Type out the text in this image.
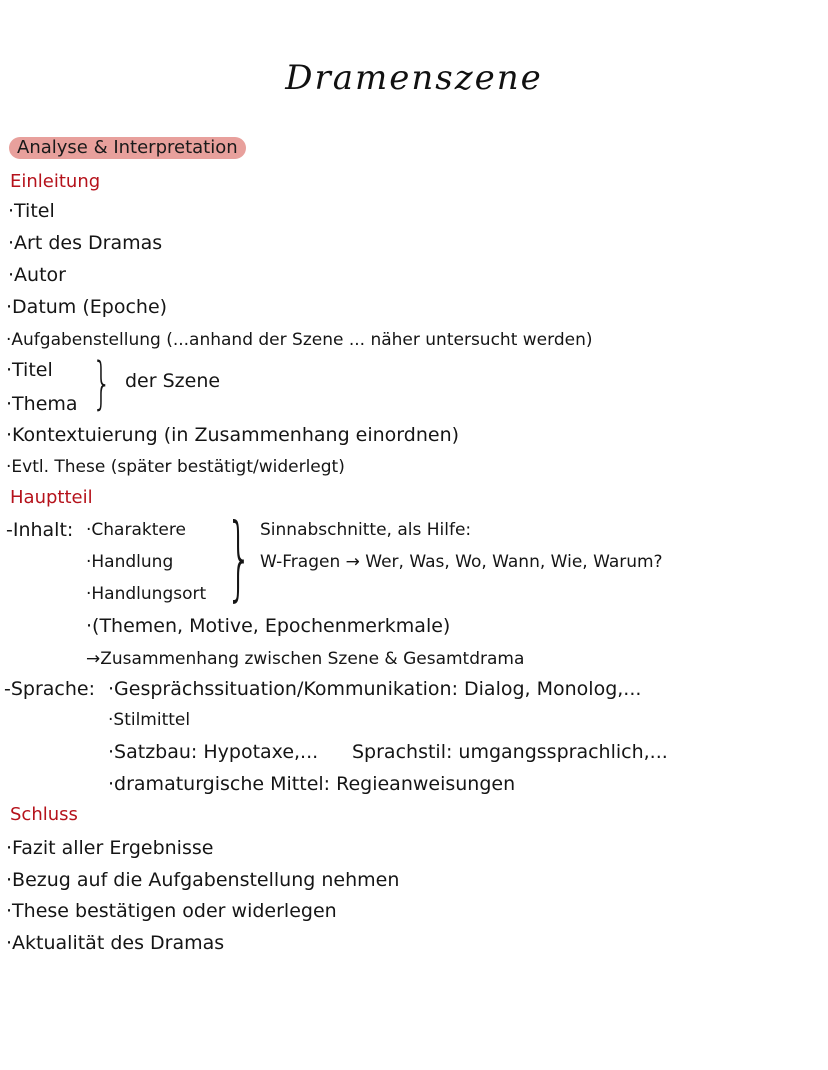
Dramenszene
Analyse & Interpretation
Einleitung
·Titel
·Art des Dramas
·Autor
·Datum (Epoche)
·Aufgabenstellung (...anhand der Szene ... näher untersucht werden)
·Titel
·Thema } der Szene
·Kontextuierung (in Zusammenhang einordnen)
·Evtl. These (später bestätigt/widerlegt)
Hauptteil
-Inhalt: ·Charaktere
·Handlung
·Handlungsort } Sinnabschnitte, als Hilfe:
W-Fragen → Wer, Was, Wo, Wann, Wie, Warum?
·(Themen, Motive, Epochenmerkmale)
→Zusammenhang zwischen Szene & Gesamtdrama
-Sprache: ·Gesprächssituation/Kommunikation: Dialog, Monolog,...
·Stilmittel
·Satzbau: Hypotaxe,... Sprachstil: umgangssprachlich,...
·dramaturgische Mittel: Regieanweisungen
Schluss
·Fazit aller Ergebnisse
·Bezug auf die Aufgabenstellung nehmen
·These bestätigen oder widerlegen
·Aktualität des Dramas
